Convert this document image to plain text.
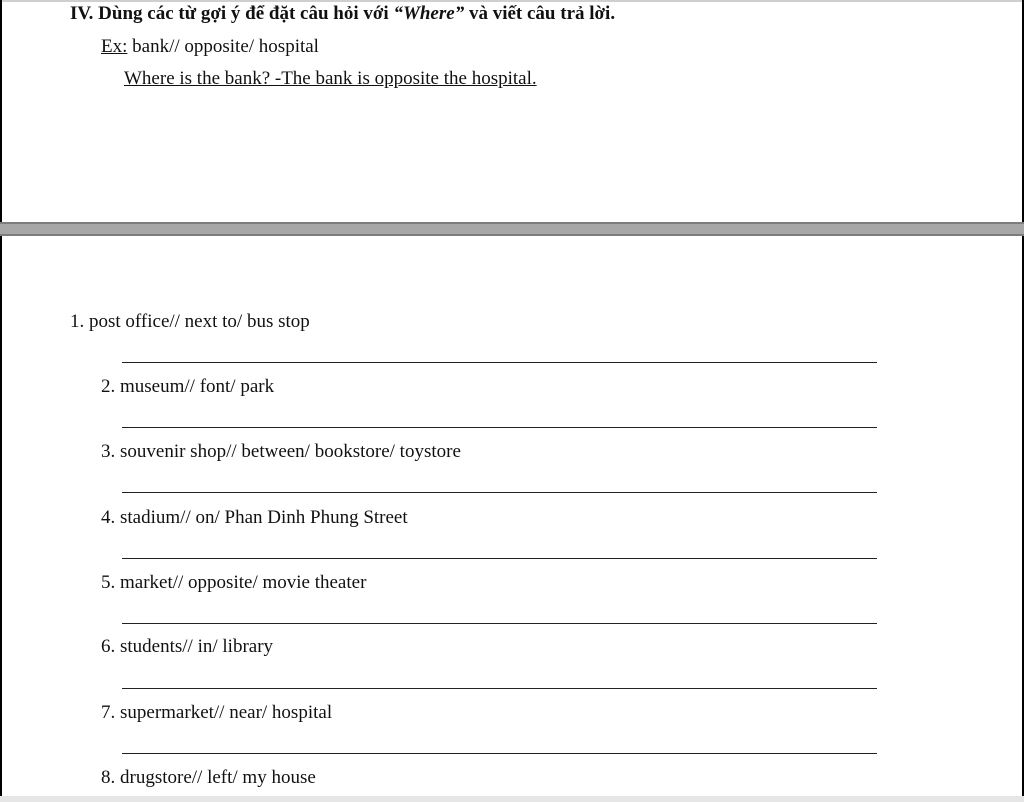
IV. Dùng các từ gợi ý để đặt câu hỏi với “Where” và viết câu trả lời.
Ex: bank// opposite/ hospital
Where is the bank? -The bank is opposite the hospital.
1. post office// next to/ bus stop
2. museum// font/ park
3. souvenir shop// between/ bookstore/ toystore
4. stadium// on/ Phan Dinh Phung Street
5. market// opposite/ movie theater
6. students// in/ library
7. supermarket// near/ hospital
8. drugstore// left/ my house
